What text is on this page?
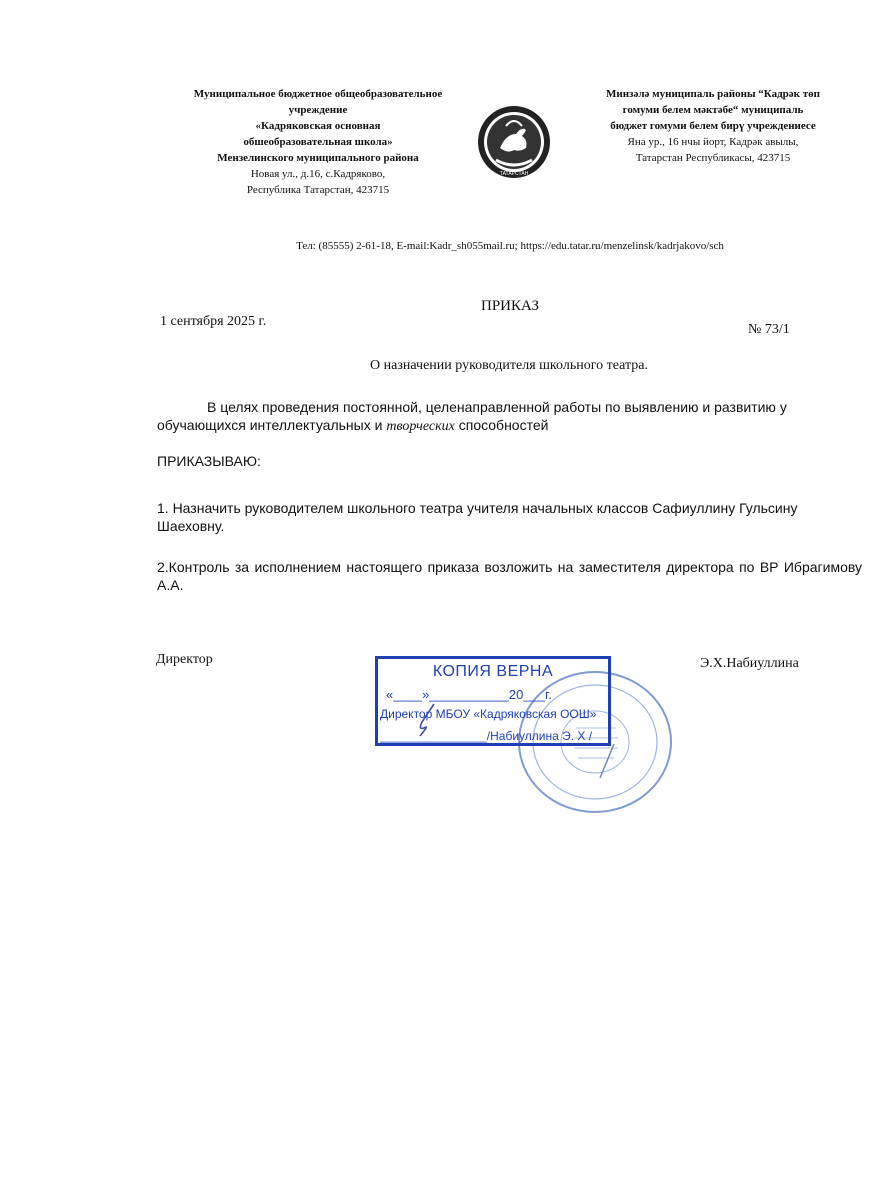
Муниципальное бюджетное общеобразовательное
учреждение
«Кадряковская основная
обшеобразовательная школа»
Мензелинского муниципального района
Новая ул., д.16, с.Кадряково,
Республика Татарстан, 423715
ТАТАРСТАН
Минзәлә муниципаль районы “Кадрәк төп
гомуми белем мәктәбе“ муниципаль
бюджет гомуми белем бирү учреждениесе
Яна ур., 16 нчы йорт, Кадрәк авылы,
Татарстан Республикасы, 423715
Тел: (85555) 2-61-18, E-mail:Kadr_sh055mail.ru; https://edu.tatar.ru/menzelinsk/kadrjakovo/sch
ПРИКАЗ
1 сентября 2025 г.
№ 73/1
О назначении руководителя школьного театра.
В целях проведения постоянной, целенаправленной работы по выявлению и развитию у обучающихся интеллектуальных и творческих способностей
ПРИКАЗЫВАЮ:
1. Назначить руководителем школьного театра учителя начальных классов Сафиуллину Гульсину Шаеховну.
2.Контроль за исполнением настоящего приказа возложить на заместителя директора по ВР Ибрагимову А.А.
Директор	Э.Х.Набиуллина
КОПИЯ ВЕРНА
«____»___________20___г.
Директор МБОУ «Кадряковская ООШ»
________________/Набиуллина Э. Х /
